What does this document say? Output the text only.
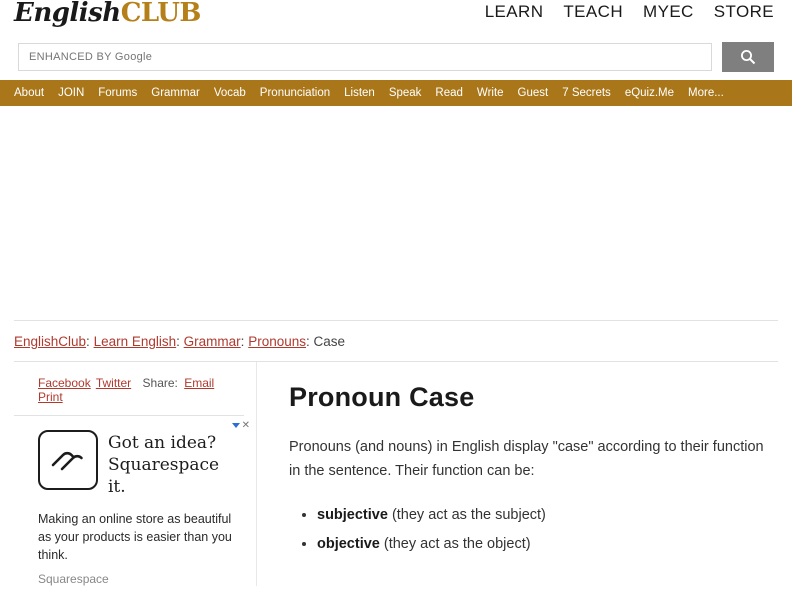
EnglishCLUB	LEARN TEACH MYEC STORE
ENHANCED BY Google
About JOIN Forums Grammar Vocab Pronunciation Listen Speak Read Write Guest 7 Secrets eQuiz.Me More...
EnglishClub: Learn English: Grammar: Pronouns: Case
Facebook Twitter Share: Email Print
✕
Got an idea?
Squarespace it.
Making an online store as beautiful as your products is easier than you think.
Squarespace
Pronoun Case

Pronouns (and nouns) in English display "case" according to their function in the sentence. Their function can be:

• subjective (they act as the subject)
• objective (they act as the object)
